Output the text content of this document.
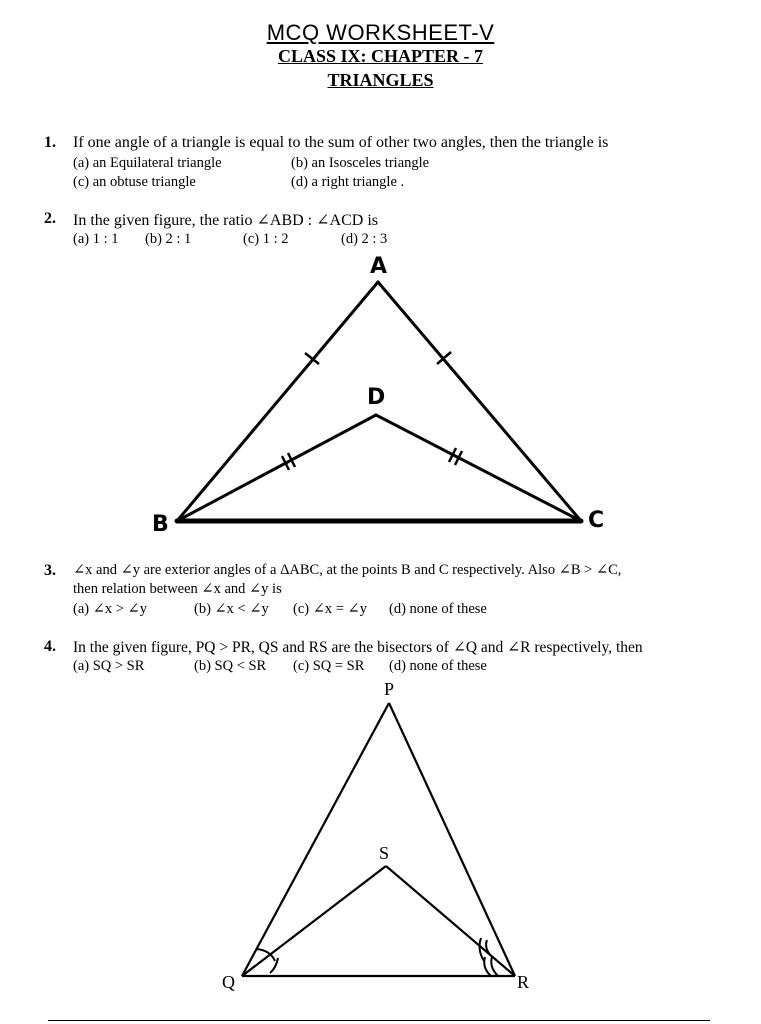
MCQ WORKSHEET-V
CLASS IX: CHAPTER - 7
TRIANGLES
1. If one angle of a triangle is equal to the sum of other two angles, then the triangle is
(a) an Equilateral triangle	(b) an Isosceles triangle
(c) an obtuse triangle	(d) a right triangle .
2. In the given figure, the ratio ∠ABD : ∠ACD is
(a) 1 : 1 (b) 2 : 1	(c) 1 : 2	(d) 2 : 3
A
B	C
D
3. ∠x and ∠y are exterior angles of a ΔABC, at the points B and C respectively. Also ∠B > ∠C,
then relation between ∠x and ∠y is
(a) ∠x > ∠y	(b) ∠x < ∠y (c) ∠x = ∠y (d) none of these
4. In the given figure, PQ > PR, QS and RS are the bisectors of ∠Q and ∠R respectively, then
(a) SQ > SR	(b) SQ < SR (c) SQ = SR (d) none of these
P
S
Q	R
